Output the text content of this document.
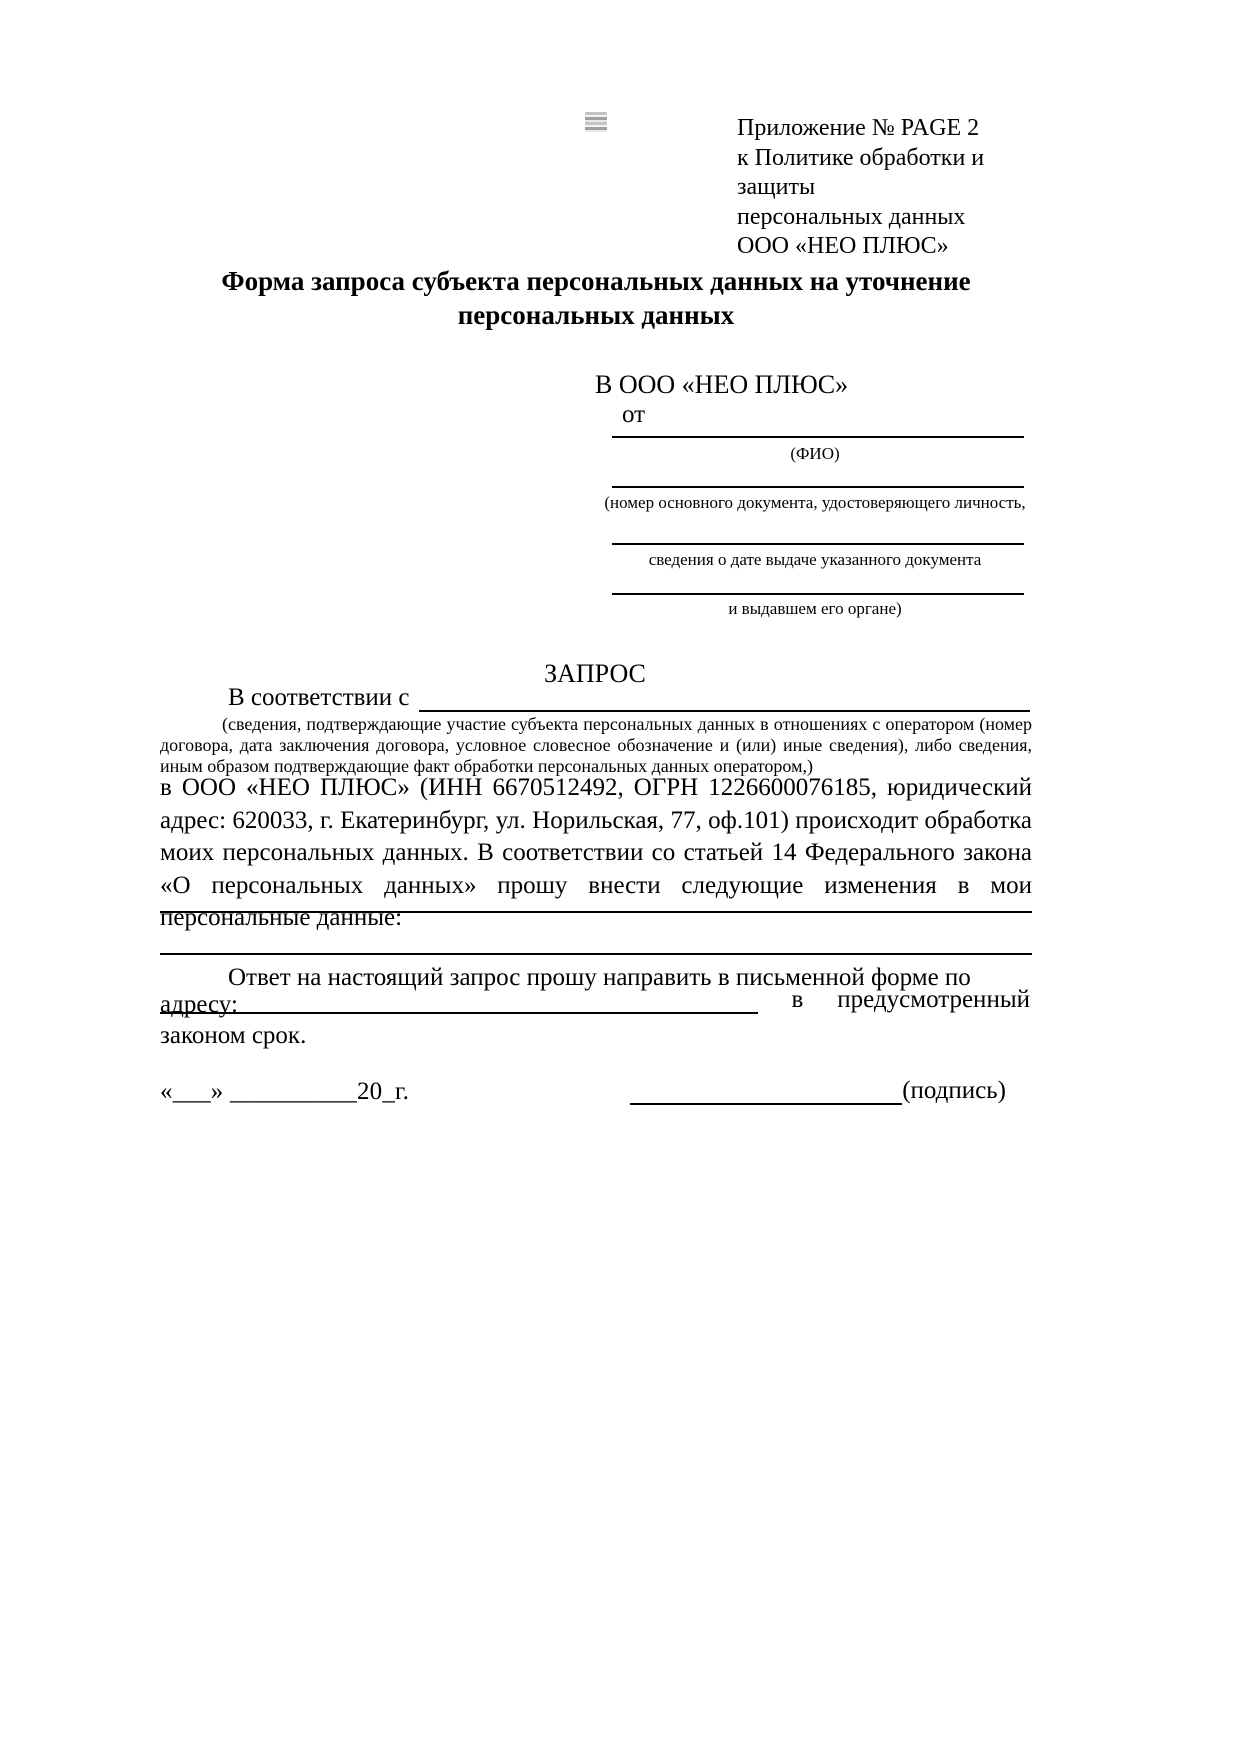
Приложение № PAGE 2
к Политике обработки и защиты
персональных данных
ООО «НЕО ПЛЮС»
Форма запроса субъекта персональных данных на уточнение персональных данных
В ООО «НЕО ПЛЮС»
от
(ФИО)
(номер основного документа, удостоверяющего личность,
сведения о дате выдаче указанного документа
и выдавшем его органе)
ЗАПРОС
В соответствии с
(сведения, подтверждающие участие субъекта персональных данных в отношениях с оператором (номер договора, дата заключения договора, условное словесное обозначение и (или) иные сведения), либо сведения, иным образом подтверждающие факт обработки персональных данных оператором,)
в ООО «НЕО ПЛЮС» (ИНН 6670512492, ОГРН 1226600076185, юридический адрес: 620033, г. Екатеринбург, ул. Норильская, 77, оф.101) происходит обработка моих персональных данных. В соответствии со статьей 14 Федерального закона «О персональных данных» прошу внести следующие изменения в мои персональные данные:
Ответ на настоящий запрос прошу направить в письменной форме по адресу:	в предусмотренный
законом срок.
«___» __________20_г.	(подпись)
